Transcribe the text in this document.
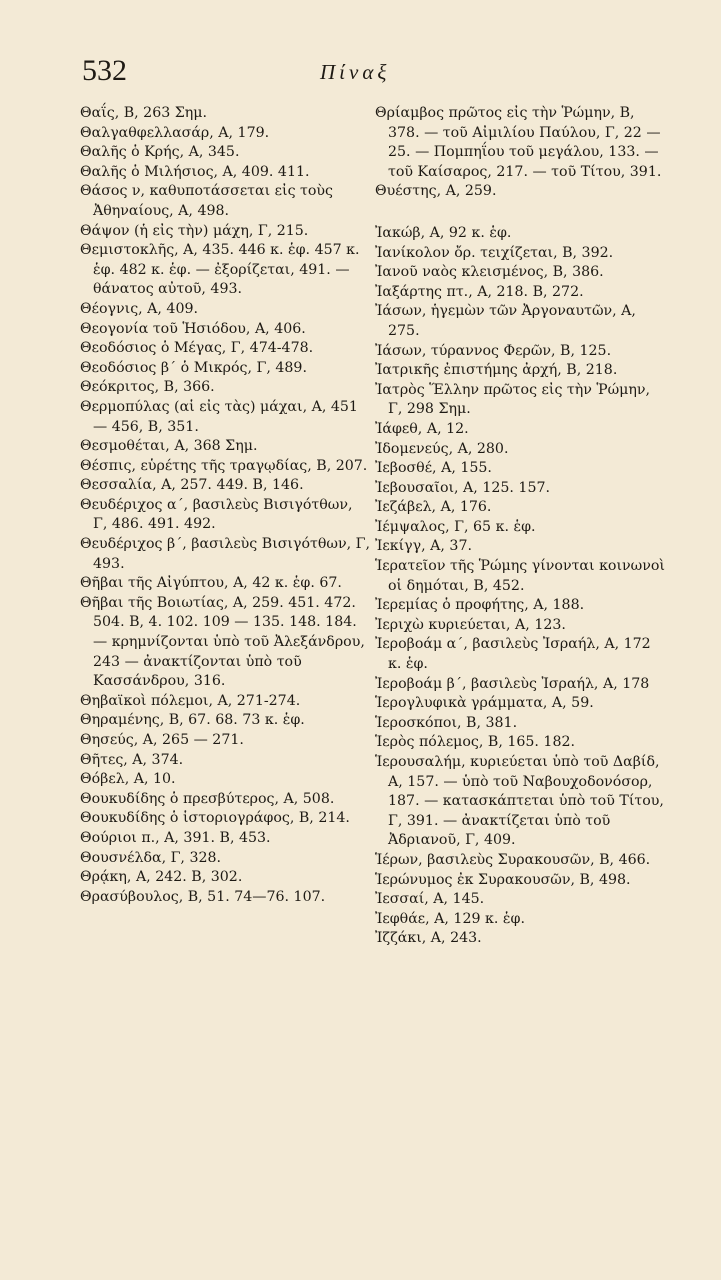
532	Πίναξ

Θαΐς, Β, 263 Σημ.

Θαλγαθφελλασάρ, Α, 179.

Θαλῆς ὁ Κρής, Α, 345.

Θαλῆς ὁ Μιλήσιος, Α, 409. 411.

Θάσος ν, καθυποτάσσεται εἰς τοὺς Ἀθηναίους, Α, 498.

Θάψον (ἡ εἰς τὴν) μάχη, Γ, 215.

Θεμιστοκλῆς, Α, 435. 446 κ. ἑφ. 457 κ. ἑφ. 482 κ. ἑφ. — ἐξορίζεται, 491. — θάνατος αὐτοῦ, 493.

Θέογνις, Α, 409.

Θεογονία τοῦ Ἡσιόδου, Α, 406.

Θεοδόσιος ὁ Μέγας, Γ, 474-478.

Θεοδόσιος β΄ ὁ Μικρός, Γ, 489.

Θεόκριτος, Β, 366.

Θερμοπύλας (αἱ εἰς τὰς) μάχαι, Α, 451 — 456, Β, 351.

Θεσμοθέται, Α, 368 Σημ.

Θέσπις, εὑρέτης τῆς τραγῳδίας, Β, 207.

Θεσσαλία, Α, 257. 449. Β, 146.

Θευδέριχος α΄, βασιλεὺς Βισιγότθων, Γ, 486. 491. 492.

Θευδέριχος β΄, βασιλεὺς Βισιγότθων, Γ, 493.

Θῆβαι τῆς Αἰγύπτου, Α, 42 κ. ἑφ. 67.

Θῆβαι τῆς Βοιωτίας, Α, 259. 451. 472. 504. Β, 4. 102. 109 — 135. 148. 184. — κρημνίζονται ὑπὸ τοῦ Ἀλεξάνδρου, 243 — ἀνακτίζονται ὑπὸ τοῦ Κασσάνδρου, 316.

Θηβαϊκοὶ πόλεμοι, Α, 271-274.

Θηραμένης, Β, 67. 68. 73 κ. ἑφ.

Θησεύς, Α, 265 — 271.

Θῆτες, Α, 374.

Θόβελ, Α, 10.

Θουκυδίδης ὁ πρεσβύτερος, Α, 508.

Θουκυδίδης ὁ ἱστοριογράφος, Β, 214.

Θούριοι π., Α, 391. Β, 453.

Θουσνέλδα, Γ, 328.

Θρᾴκη, Α, 242. Β, 302.

Θρασύβουλος, Β, 51. 74—76. 107.

Θρίαμβος πρῶτος εἰς τὴν Ῥώμην, Β, 378. — τοῦ Αἰμιλίου Παύλου, Γ, 22 — 25. — Πομπηΐου τοῦ μεγάλου, 133. — τοῦ Καίσαρος, 217. — τοῦ Τίτου, 391.

Θυέστης, Α, 259.

Ἰακώβ, Α, 92 κ. ἑφ.

Ἰανίκολον ὄρ. τειχίζεται, Β, 392.

Ἰανοῦ ναὸς κλεισμένος, Β, 386.

Ἰαξάρτης πτ., Α, 218. Β, 272.

Ἰάσων, ἡγεμὼν τῶν Ἀργοναυτῶν, Α, 275.

Ἰάσων, τύραννος Φερῶν, Β, 125.

Ἰατρικῆς ἐπιστήμης ἀρχή, Β, 218.

Ἰατρὸς Ἕλλην πρῶτος εἰς τὴν Ῥώμην, Γ, 298 Σημ.

Ἰάφεθ, Α, 12.

Ἰδομενεύς, Α, 280.

Ἰεβοσθέ, Α, 155.

Ἰεβουσαῖοι, Α, 125. 157.

Ἰεζάβελ, Α, 176.

Ἰέμψαλος, Γ, 65 κ. ἑφ.

Ἰεκίγγ, Α, 37.

Ἱερατεῖον τῆς Ῥώμης γίνονται κοινωνοὶ οἱ δημόται, Β, 452.

Ἰερεμίας ὁ προφήτης, Α, 188.

Ἰεριχὼ κυριεύεται, Α, 123.

Ἰεροβοάμ α΄, βασιλεὺς Ἰσραήλ, Α, 172 κ. ἑφ.

Ἰεροβοάμ β΄, βασιλεὺς Ἰσραήλ, Α, 178

Ἱερογλυφικὰ γράμματα, Α, 59.

Ἱεροσκόποι, Β, 381.

Ἱερὸς πόλεμος, Β, 165. 182.

Ἱερουσαλήμ, κυριεύεται ὑπὸ τοῦ Δαβίδ, Α, 157. — ὑπὸ τοῦ Ναβουχοδονόσορ, 187. — κατασκάπτεται ὑπὸ τοῦ Τίτου, Γ, 391. — ἀνακτίζεται ὑπὸ τοῦ Ἀδριανοῦ, Γ, 409.

Ἱέρων, βασιλεὺς Συρακουσῶν, Β, 466.

Ἱερώνυμος ἐκ Συρακουσῶν, Β, 498.

Ἰεσσαί, Α, 145.

Ἰεφθάε, Α, 129 κ. ἑφ.

Ἰζζάκι, Α, 243.
